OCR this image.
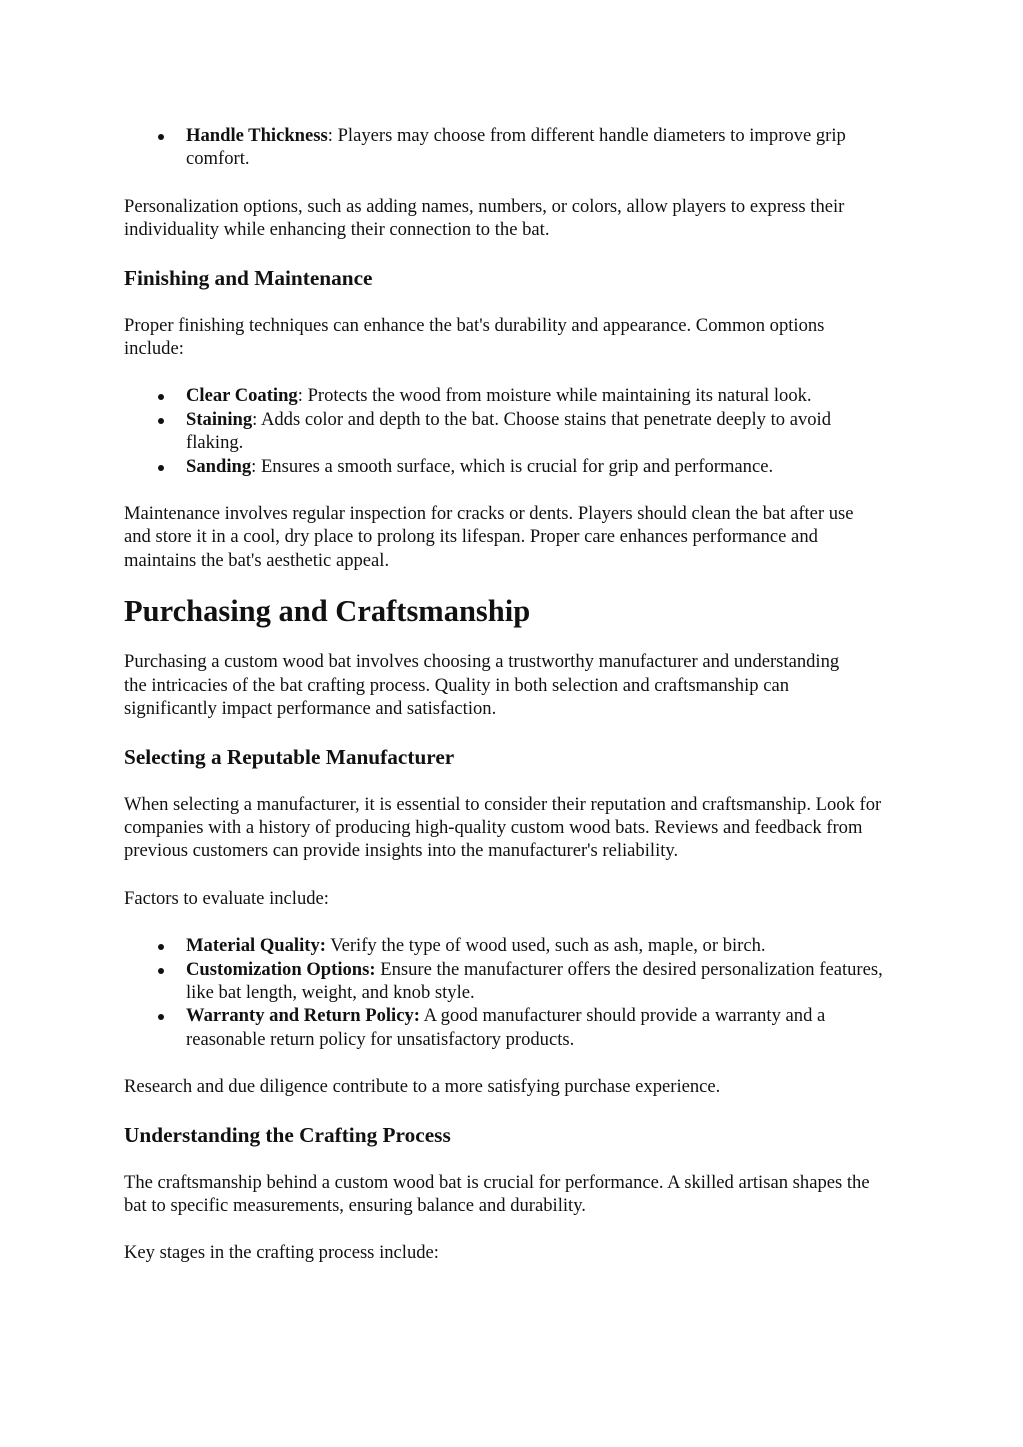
Handle Thickness: Players may choose from different handle diameters to improve grip comfort.

Personalization options, such as adding names, numbers, or colors, allow players to express their individuality while enhancing their connection to the bat.

Finishing and Maintenance

Proper finishing techniques can enhance the bat's durability and appearance. Common options include:

Clear Coating: Protects the wood from moisture while maintaining its natural look.
Staining: Adds color and depth to the bat. Choose stains that penetrate deeply to avoid flaking.
Sanding: Ensures a smooth surface, which is crucial for grip and performance.

Maintenance involves regular inspection for cracks or dents. Players should clean the bat after use and store it in a cool, dry place to prolong its lifespan. Proper care enhances performance and maintains the bat's aesthetic appeal.

Purchasing and Craftsmanship

Purchasing a custom wood bat involves choosing a trustworthy manufacturer and understanding the intricacies of the bat crafting process. Quality in both selection and craftsmanship can significantly impact performance and satisfaction.

Selecting a Reputable Manufacturer

When selecting a manufacturer, it is essential to consider their reputation and craftsmanship. Look for companies with a history of producing high-quality custom wood bats. Reviews and feedback from previous customers can provide insights into the manufacturer's reliability.

Factors to evaluate include:

Material Quality: Verify the type of wood used, such as ash, maple, or birch.
Customization Options: Ensure the manufacturer offers the desired personalization features, like bat length, weight, and knob style.
Warranty and Return Policy: A good manufacturer should provide a warranty and a reasonable return policy for unsatisfactory products.

Research and due diligence contribute to a more satisfying purchase experience.

Understanding the Crafting Process

The craftsmanship behind a custom wood bat is crucial for performance. A skilled artisan shapes the bat to specific measurements, ensuring balance and durability.

Key stages in the crafting process include:
